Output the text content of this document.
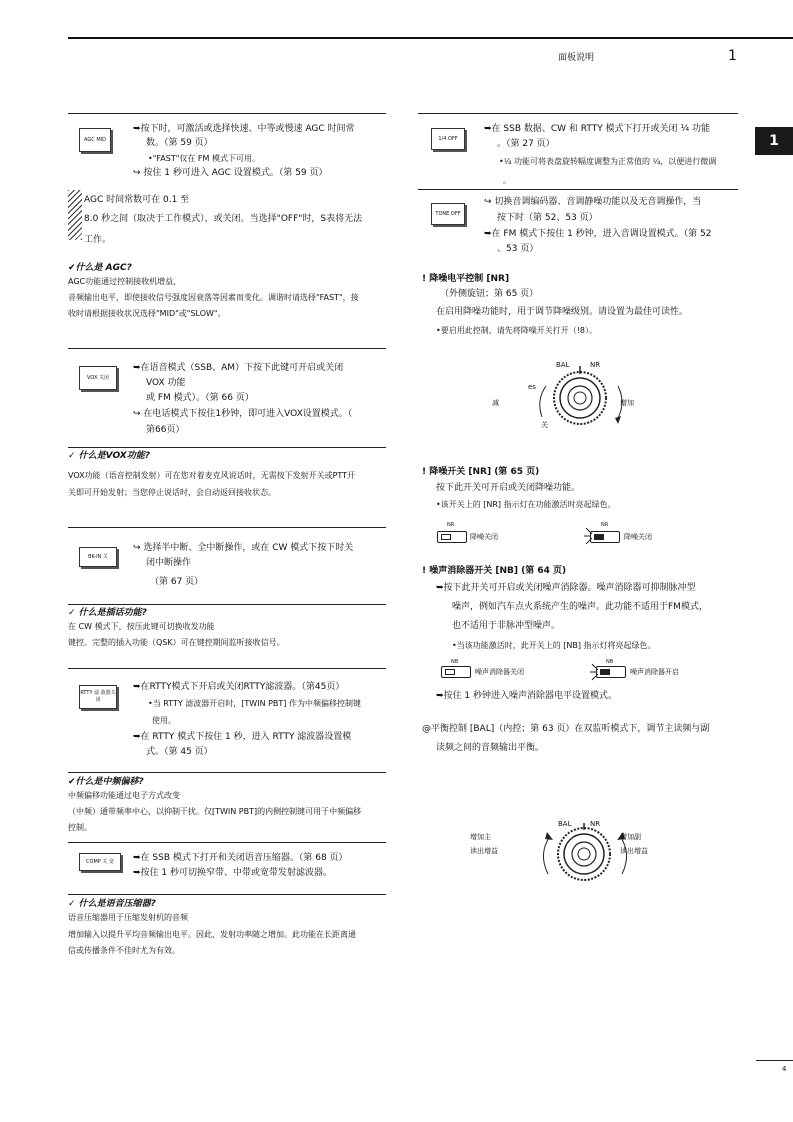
面板说明	1
1
AGC MID
➥按下时，可激活或选择快速、中等或慢速 AGC 时间常
数。（第 59 页）
•"FAST"仅在 FM 模式下可用。
↪ 按住 1 秒可进入 AGC 设置模式。（第 59 页）
AGC 时间常数可在 0.1 至
8.0 秒之间（取决于工作模式），或关闭。当选择"OFF"时，S表将无法
工作。
✔什么是 AGC?
AGC功能通过控制接收机增益，
音频输出电平，即使接收信号强度因衰落等因素而变化。调谐时请选择"FAST"，接
收时请根据接收状况选择"MID"或"SLOW"。
VOX 关闭
➥在语音模式（SSB、AM）下按下此键可开启或关闭
VOX 功能
或 FM 模式）。（第 66 页）
↪ 在电话模式下按住1秒钟，即可进入VOX设置模式。（
第66页）
✓ 什么是VOX功能?
VOX功能（语音控制发射）可在您对着麦克风说话时，无需按下发射开关或PTT开
关即可开始发射；当您停止说话时，会自动返回接收状态。
BK-IN 关
↪ 选择半中断、全中断操作，或在 CW 模式下按下时关
闭中断操作
（第 67 页）
✓ 什么是插话功能?
在 CW 模式下，按压此键可切换收发功能
键控。完整的插入功能（QSK）可在键控期间监听接收信号。
RTTY 滤 波器关闭
➥在RTTY模式下开启或关闭RTTY滤波器。（第45页）
•当 RTTY 滤波器开启时，[TWIN PBT] 作为中频偏移控制键
使用。
➥在 RTTY 模式下按住 1 秒，进入 RTTY 滤波器设置模
式。（第 45 页）
✔什么是中频偏移?
中频偏移功能通过电子方式改变
（中频）通带频率中心，以抑制干扰。仅[TWIN PBT]的内侧控制键可用于中频偏移
控制。
COMP 关 宽	➥在 SSB 模式下打开和关闭语音压缩器。（第 68 页）
➥按住 1 秒可切换窄带、中带或宽带发射滤波器。
✓ 什么是语音压缩器?
语音压缩器用于压缩发射机的音频
增加输入以提升平均音频输出电平。因此，发射功率随之增加。此功能在长距离通
信或传播条件不佳时尤为有效。
1/4 OFF
➥在 SSB 数据、CW 和 RTTY 模式下打开或关闭 ¹⁄₄ 功能
。（第 27 页）
•¹⁄₄ 功能可将表盘旋转幅度调整为正常值的 ¹⁄₄，以便进行微调
。
TONE OFF
↪ 切换音调编码器、音调静噪功能以及无音调操作，当
按下时（第 52、53 页）
➥在 FM 模式下按住 1 秒钟，进入音调设置模式。（第 52
、53 页）
! 降噪电平控制 [NR]
（外侧旋钮；第 65 页）
在启用降噪功能时，用于调节降噪级别。请设置为最佳可读性。
•要启用此控制，请先将降噪开关打开（!8）。
BAL	NR
es
减
关
增加
! 降噪开关 [NR] (第 65 页)
按下此开关可开启或关闭降噪功能。
•该开关上的 [NR] 指示灯在功能激活时亮起绿色。
NR
降噪关闭
NR
降噪关闭
! 噪声消除器开关 [NB] (第 64 页)
➥按下此开关可开启或关闭噪声消除器。噪声消除器可抑制脉冲型
噪声，例如汽车点火系统产生的噪声。此功能不适用于FM模式，
也不适用于非脉冲型噪声。
•当该功能激活时，此开关上的 [NB] 指示灯将亮起绿色。
NB
噪声消除器关闭
NB
噪声消除器开启
➥按住 1 秒钟进入噪声消除器电平设置模式。
@平衡控制 [BAL]（内控；第 63 页）在双监听模式下，调节主读频与副
读频之间的音频输出平衡。
BAL	NR
增加主
读出增益
增加副
读出增益
4
